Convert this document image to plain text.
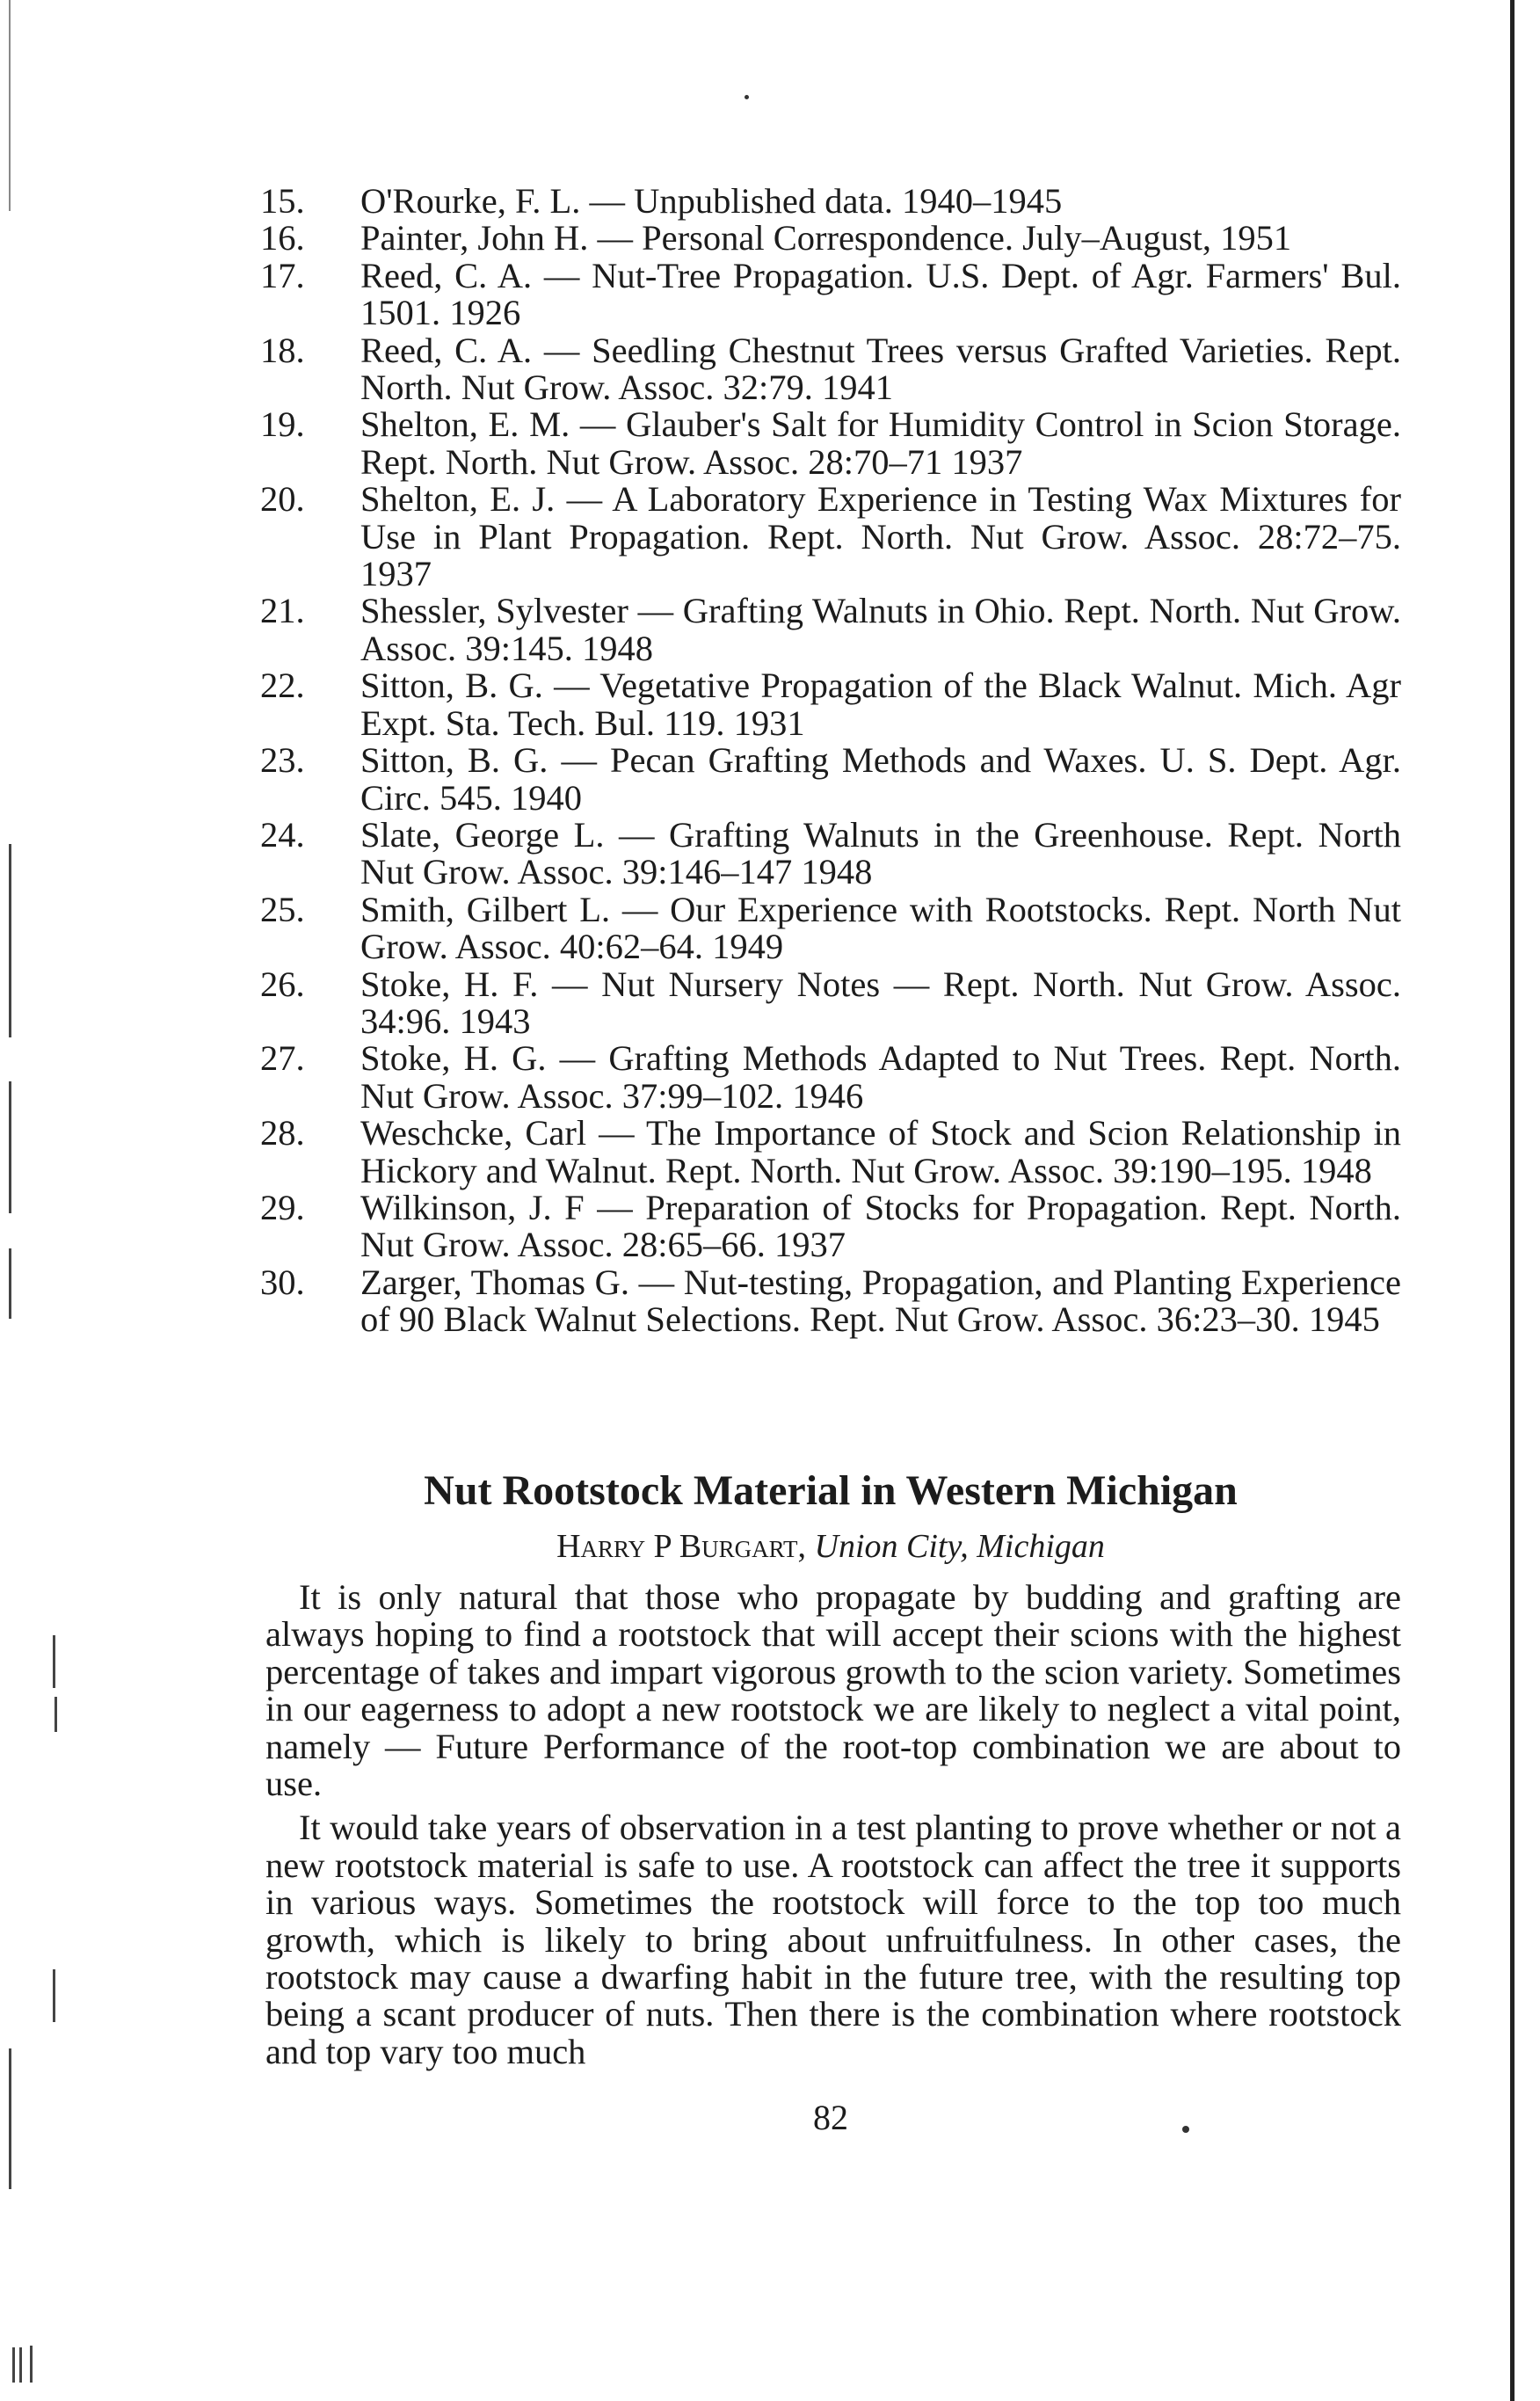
15. O'Rourke, F. L. — Unpublished data. 1940–1945
16. Painter, John H. — Personal Correspondence. July–August, 1951
17. Reed, C. A. — Nut-Tree Propagation. U.S. Dept. of Agr. Farmers' Bul. 1501. 1926
18. Reed, C. A. — Seedling Chestnut Trees versus Grafted Varieties. Rept. North. Nut Grow. Assoc. 32:79. 1941
19. Shelton, E. M. — Glauber's Salt for Humidity Control in Scion Storage. Rept. North. Nut Grow. Assoc. 28:70–71 1937
20. Shelton, E. J. — A Laboratory Experience in Testing Wax Mixtures for Use in Plant Propagation. Rept. North. Nut Grow. Assoc. 28:72–75. 1937
21. Shessler, Sylvester — Grafting Walnuts in Ohio. Rept. North. Nut Grow. Assoc. 39:145. 1948
22. Sitton, B. G. — Vegetative Propagation of the Black Walnut. Mich. Agr Expt. Sta. Tech. Bul. 119. 1931
23. Sitton, B. G. — Pecan Grafting Methods and Waxes. U. S. Dept. Agr. Circ. 545. 1940
24. Slate, George L. — Grafting Walnuts in the Greenhouse. Rept. North Nut Grow. Assoc. 39:146–147 1948
25. Smith, Gilbert L. — Our Experience with Rootstocks. Rept. North Nut Grow. Assoc. 40:62–64. 1949
26. Stoke, H. F. — Nut Nursery Notes — Rept. North. Nut Grow. Assoc. 34:96. 1943
27. Stoke, H. G. — Grafting Methods Adapted to Nut Trees. Rept. North. Nut Grow. Assoc. 37:99–102. 1946
28. Weschcke, Carl — The Importance of Stock and Scion Relationship in Hickory and Walnut. Rept. North. Nut Grow. Assoc. 39:190–195. 1948
29. Wilkinson, J. F — Preparation of Stocks for Propagation. Rept. North. Nut Grow. Assoc. 28:65–66. 1937
30. Zarger, Thomas G. — Nut-testing, Propagation, and Planting Experience of 90 Black Walnut Selections. Rept. Nut Grow. Assoc. 36:23–30. 1945
Nut Rootstock Material in Western Michigan
Harry P Burgart, Union City, Michigan

It is only natural that those who propagate by budding and grafting are always hoping to find a rootstock that will accept their scions with the highest percentage of takes and impart vigorous growth to the scion variety. Sometimes in our eagerness to adopt a new rootstock we are likely to neglect a vital point, namely — Future Performance of the root-top combination we are about to use.

It would take years of observation in a test planting to prove whether or not a new rootstock material is safe to use. A rootstock can affect the tree it supports in various ways. Sometimes the rootstock will force to the top too much growth, which is likely to bring about unfruitfulness. In other cases, the rootstock may cause a dwarfing habit in the future tree, with the resulting top being a scant producer of nuts. Then there is the combination where rootstock and top vary too much

82
